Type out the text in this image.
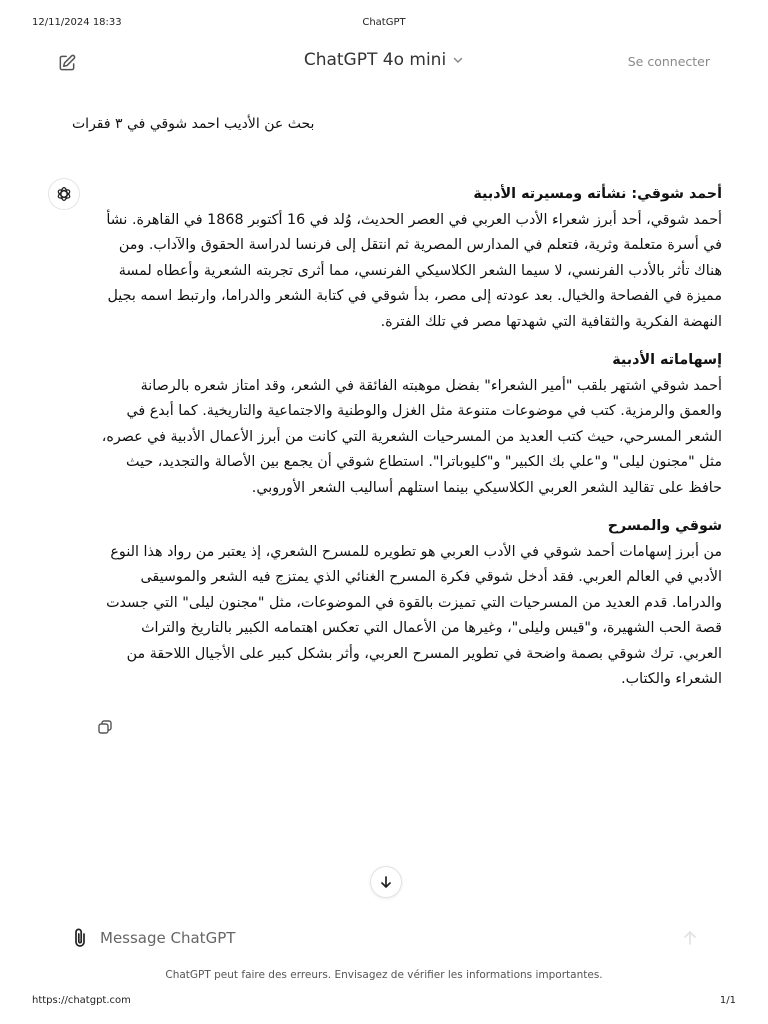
12/11/2024 18:33	ChatGPT
ChatGPT 4o mini	Se connecter
بحث عن الأديب احمد شوقي في ٣ فقرات
أحمد شوقي: نشأته ومسيرته الأدبية
أحمد شوقي، أحد أبرز شعراء الأدب العربي في العصر الحديث، وُلد في 16 أكتوبر 1868 في القاهرة. نشأ في أسرة متعلمة وثرية، فتعلم في المدارس المصرية ثم انتقل إلى فرنسا لدراسة الحقوق والآداب. ومن هناك تأثر بالأدب الفرنسي، لا سيما الشعر الكلاسيكي الفرنسي، مما أثرى تجربته الشعرية وأعطاه لمسة مميزة في الفصاحة والخيال. بعد عودته إلى مصر، بدأ شوقي في كتابة الشعر والدراما، وارتبط اسمه بجيل النهضة الفكرية والثقافية التي شهدتها مصر في تلك الفترة.
إسهاماته الأدبية
أحمد شوقي اشتهر بلقب "أمير الشعراء" بفضل موهبته الفائقة في الشعر، وقد امتاز شعره بالرصانة والعمق والرمزية. كتب في موضوعات متنوعة مثل الغزل والوطنية والاجتماعية والتاريخية. كما أبدع في الشعر المسرحي، حيث كتب العديد من المسرحيات الشعرية التي كانت من أبرز الأعمال الأدبية في عصره، مثل "مجنون ليلى" و"علي بك الكبير" و"كليوباترا". استطاع شوقي أن يجمع بين الأصالة والتجديد، حيث حافظ على تقاليد الشعر العربي الكلاسيكي بينما استلهم أساليب الشعر الأوروبي.
شوقي والمسرح
من أبرز إسهامات أحمد شوقي في الأدب العربي هو تطويره للمسرح الشعري، إذ يعتبر من رواد هذا النوع الأدبي في العالم العربي. فقد أدخل شوقي فكرة المسرح الغنائي الذي يمتزج فيه الشعر والموسيقى والدراما. قدم العديد من المسرحيات التي تميزت بالقوة في الموضوعات، مثل "مجنون ليلى" التي جسدت قصة الحب الشهيرة، و"قيس وليلى"، وغيرها من الأعمال التي تعكس اهتمامه الكبير بالتاريخ والتراث العربي. ترك شوقي بصمة واضحة في تطوير المسرح العربي، وأثر بشكل كبير على الأجيال اللاحقة من الشعراء والكتاب.
Message ChatGPT
ChatGPT peut faire des erreurs. Envisagez de vérifier les informations importantes.
https://chatgpt.com	1/1
